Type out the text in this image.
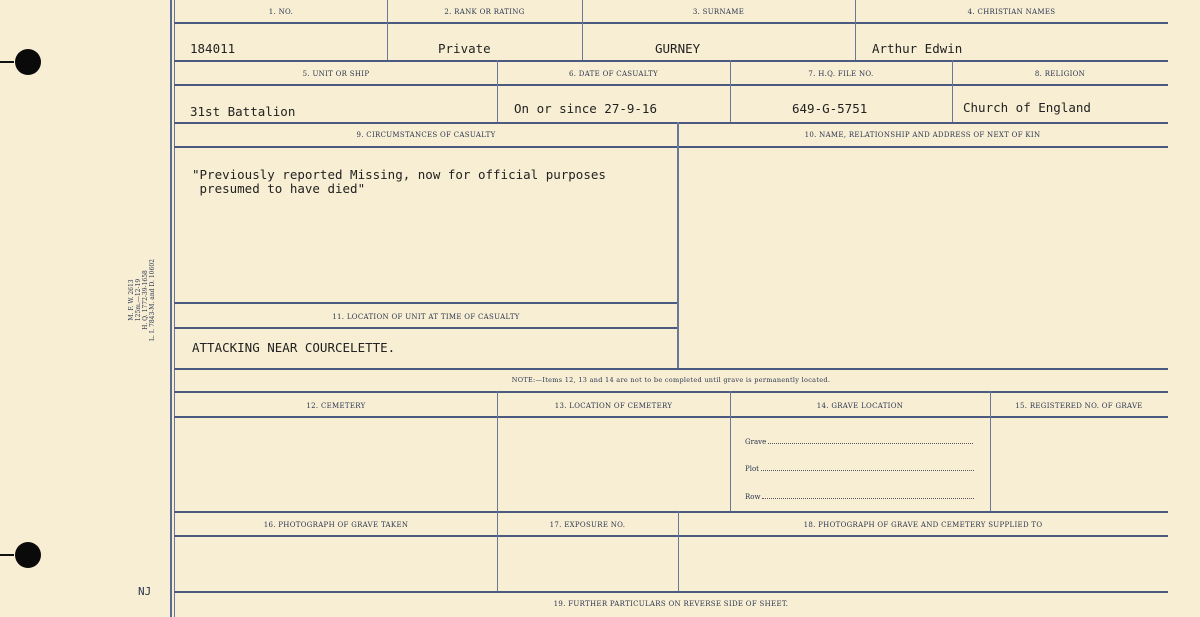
M. F. W. 2613 125m.—12-19 H. Q. 1772-39-1658 L. I. 7843-M. and D. 10602
NJ
1. NO.	2. RANK OR RATING	3. SURNAME	4. CHRISTIAN NAMES
184011	Private	GURNEY	Arthur Edwin
5. UNIT OR SHIP	6. DATE OF CASUALTY	7. H.Q. FILE NO.	8. RELIGION
31st Battalion	On or since 27-9-16	649-G-5751	Church of England
9. CIRCUMSTANCES OF CASUALTY	10. NAME, RELATIONSHIP AND ADDRESS OF NEXT OF KIN
"Previously reported Missing, now for official purposes
presumed to have died"
11. LOCATION OF UNIT AT TIME OF CASUALTY
ATTACKING NEAR COURCELETTE.
NOTE:—Items 12, 13 and 14 are not to be completed until grave is permanently located.
12. CEMETERY	13. LOCATION OF CEMETERY	14. GRAVE LOCATION	15. REGISTERED NO. OF GRAVE
Grave
Plot
Row
16. PHOTOGRAPH OF GRAVE TAKEN	17. EXPOSURE NO.	18. PHOTOGRAPH OF GRAVE AND CEMETERY SUPPLIED TO
19. FURTHER PARTICULARS ON REVERSE SIDE OF SHEET.
